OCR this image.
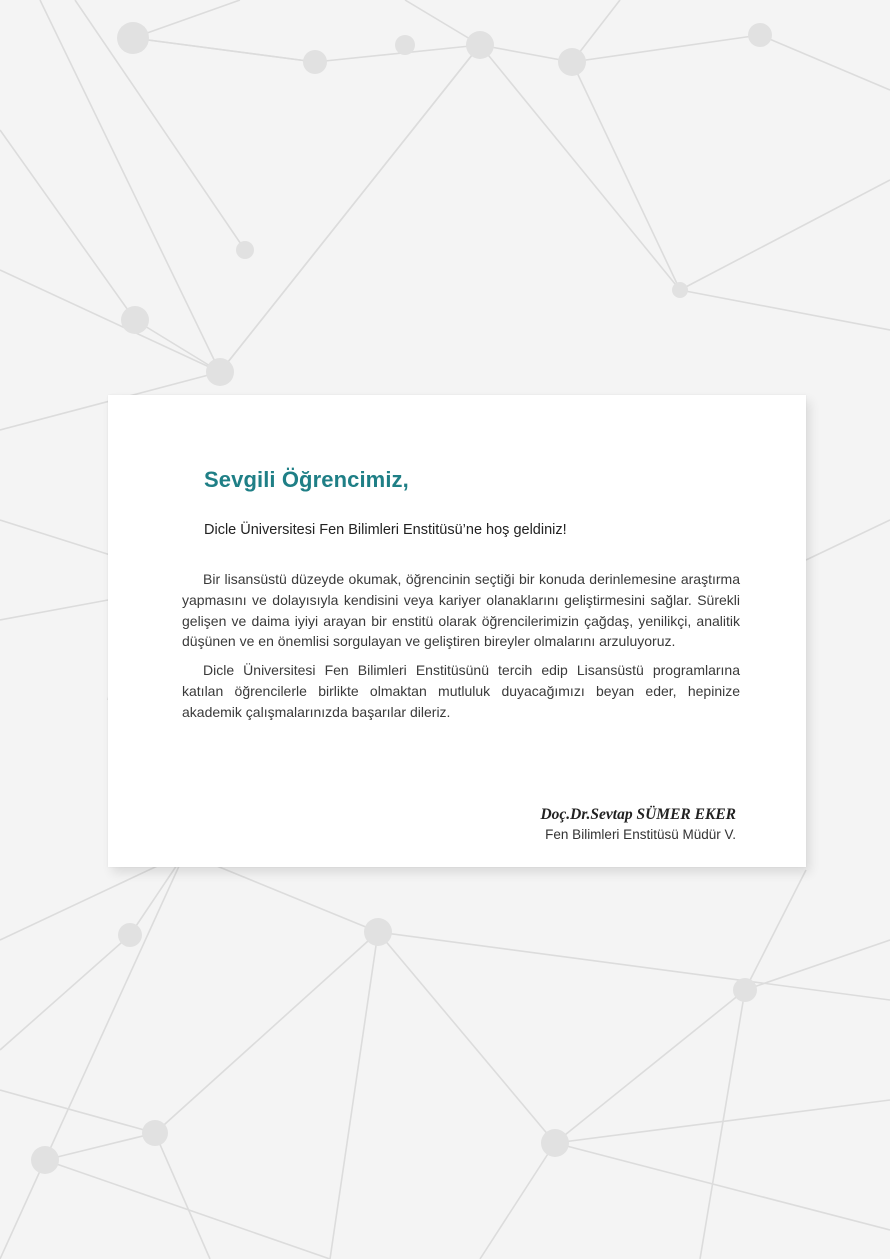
Sevgili Öğrencimiz,
Dicle Üniversitesi Fen Bilimleri Enstitüsü’ne hoş geldiniz!

Bir lisansüstü düzeyde okumak, öğrencinin seçtiği bir konuda derinlemesine araştırma yapmasını ve dolayısıyla kendisini veya kariyer olanaklarını geliştirmesini sağlar. Sürekli gelişen ve daima iyiyi arayan bir enstitü olarak öğrencilerimizin çağdaş, yenilikçi, analitik düşünen ve en önemlisi sorgulayan ve geliştiren bireyler olmalarını arzuluyoruz.

Dicle Üniversitesi Fen Bilimleri Enstitüsünü tercih edip Lisansüstü programlarına katılan öğrencilerle birlikte olmaktan mutluluk duyacağımızı beyan eder, hepinize akademik çalışmalarınızda başarılar dileriz.

Doç.Dr.Sevtap SÜMER EKER
Fen Bilimleri Enstitüsü Müdür V.
